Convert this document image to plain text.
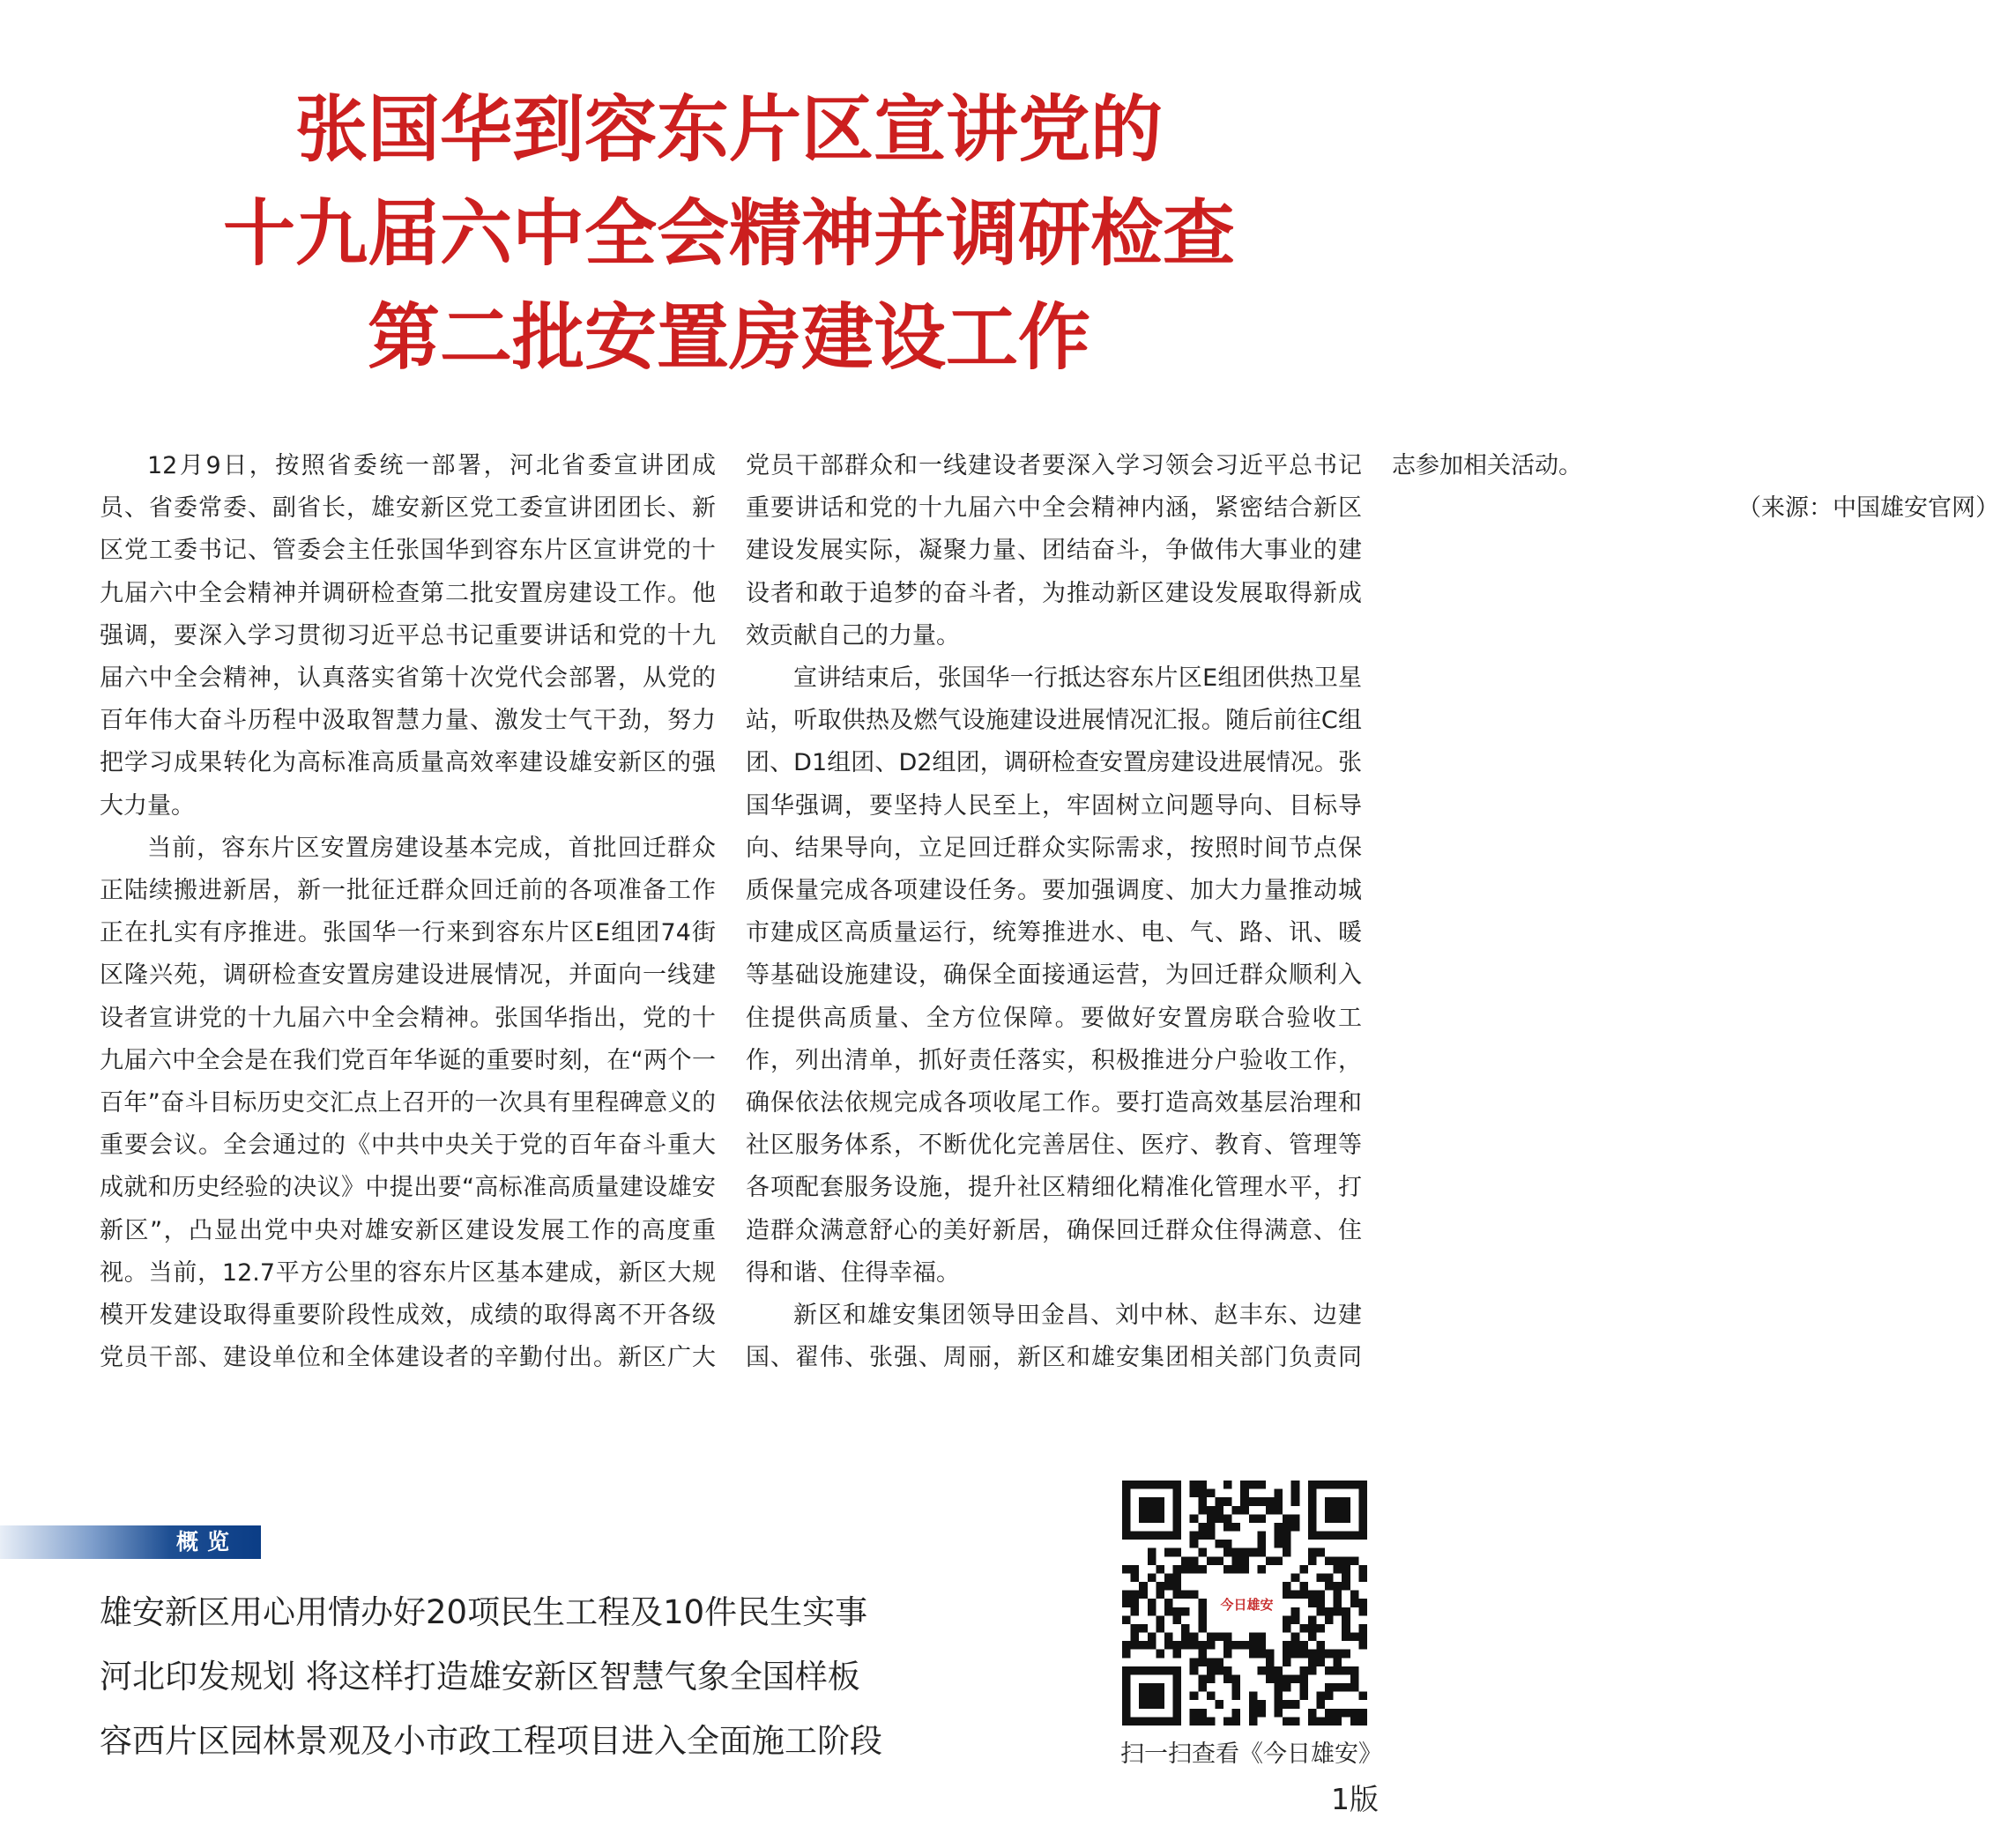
张国华到容东片区宣讲党的
十九届六中全会精神并调研检查
第二批安置房建设工作

12月9日，按照省委统一部署，河北省委宣讲团成员、省委常委、副省长，雄安新区党工委宣讲团团长、新区党工委书记、管委会主任张国华到容东片区宣讲党的十九届六中全会精神并调研检查第二批安置房建设工作。他强调，要深入学习贯彻习近平总书记重要讲话和党的十九届六中全会精神，认真落实省第十次党代会部署，从党的百年伟大奋斗历程中汲取智慧力量、激发士气干劲，努力把学习成果转化为高标准高质量高效率建设雄安新区的强大力量。

当前，容东片区安置房建设基本完成，首批回迁群众正陆续搬进新居，新一批征迁群众回迁前的各项准备工作正在扎实有序推进。张国华一行来到容东片区E组团74街区隆兴苑，调研检查安置房建设进展情况，并面向一线建设者宣讲党的十九届六中全会精神。张国华指出，党的十九届六中全会是在我们党百年华诞的重要时刻，在“两个一百年”奋斗目标历史交汇点上召开的一次具有里程碑意义的重要会议。全会通过的《中共中央关于党的百年奋斗重大成就和历史经验的决议》中提出要“高标准高质量建设雄安新区”，凸显出党中央对雄安新区建设发展工作的高度重视。当前，12.7平方公里的容东片区基本建成，新区大规模开发建设取得重要阶段性成效，成绩的取得离不开各级党员干部、建设单位和全体建设者的辛勤付出。新区广大党员干部群众和一线建设者要深入学习领会习近平总书记重要讲话和党的十九届六中全会精神内涵，紧密结合新区建设发展实际，凝聚力量、团结奋斗，争做伟大事业的建设者和敢于追梦的奋斗者，为推动新区建设发展取得新成效贡献自己的力量。

宣讲结束后，张国华一行抵达容东片区E组团供热卫星站，听取供热及燃气设施建设进展情况汇报。随后前往C组团、D1组团、D2组团，调研检查安置房建设进展情况。张国华强调，要坚持人民至上，牢固树立问题导向、目标导向、结果导向，立足回迁群众实际需求，按照时间节点保质保量完成各项建设任务。要加强调度、加大力量推动城市建成区高质量运行，统筹推进水、电、气、路、讯、暖等基础设施建设，确保全面接通运营，为回迁群众顺利入住提供高质量、全方位保障。要做好安置房联合验收工作，列出清单，抓好责任落实，积极推进分户验收工作，确保依法依规完成各项收尾工作。要打造高效基层治理和社区服务体系，不断优化完善居住、医疗、教育、管理等各项配套服务设施，提升社区精细化精准化管理水平，打造群众满意舒心的美好新居，确保回迁群众住得满意、住得和谐、住得幸福。

新区和雄安集团领导田金昌、刘中林、赵丰东、边建国、翟伟、张强、周丽，新区和雄安集团相关部门负责同志参加相关活动。

（来源：中国雄安官网）

概览
雄安新区用心用情办好20项民生工程及10件民生实事
河北印发规划 将这样打造雄安新区智慧气象全国样板
容西片区园林景观及小市政工程项目进入全面施工阶段
今日雄安
扫一扫查看《今日雄安》
1版
